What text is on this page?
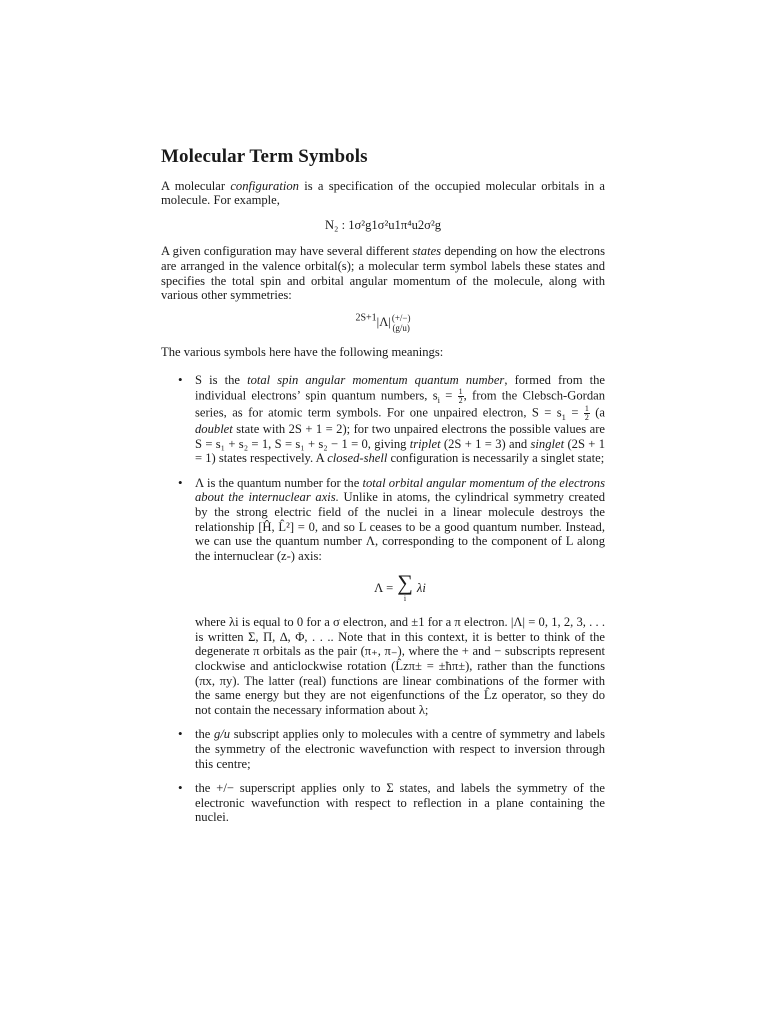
Molecular Term Symbols

A molecular configuration is a specification of the occupied molecular orbitals in a molecule. For example,

N₂ : 1σ²g1σ²u1π⁴u2σ²g

A given configuration may have several different states depending on how the electrons are arranged in the valence orbital(s); a molecular term symbol labels these states and specifies the total spin and orbital angular momentum of the molecule, along with various other symmetries:

$^{2S+1}$|Λ| (+/−)
(g/u)

The various symbols here have the following meanings:

• S is the total spin angular momentum quantum number, formed from the individual electrons’ spin quantum numbers, $s_i = \frac{1}{2}$ , from the Clebsch-Gordan series, as for atomic term symbols. For one unpaired electron, $S = s_1 = \frac{1}{2} (a$ doublet state with 2S + 1 = 2); for two unpaired electrons the possible values are S = s₁ + s₂ = 1, S = s₁ + s₂ − 1 = 0, giving triplet (2S + 1 = 3) and singlet (2S + 1 = 1) states respectively. A closed-shell configuration is necessarily a singlet state;
• Λ is the quantum number for the total orbital angular momentum of the electrons about the internuclear axis. Unlike in atoms, the cylindrical symmetry created by the strong electric field of the nuclei in a linear molecule destroys the relationship [Ĥ, L̂²] = 0, and so L ceases to be a good quantum number. Instead, we can use the quantum number Λ, corresponding to the component of L along the internuclear (z-) axis:
Λ = ∑
i
λi
where λi is equal to 0 for a σ electron, and ±1 for a π electron. |Λ| = 0, 1, 2, 3, . . . is written Σ, Π, ∆, Φ, . . .. Note that in this context, it is better to think of the degenerate π orbitals as the pair (π₊, π₋), where the + and − subscripts represent clockwise and anticlockwise rotation (L̂zπ± = ±ħπ±), rather than the functions (πx, πy). The latter (real) functions are linear combinations of the former with the same energy but they are not eigenfunctions of the L̂z operator, so they do not contain the necessary information about λ;
• the g/u subscript applies only to molecules with a centre of symmetry and labels the symmetry of the electronic wavefunction with respect to inversion through this centre;
• the +/− superscript applies only to Σ states, and labels the symmetry of the electronic wavefunction with respect to reflection in a plane containing the nuclei.
